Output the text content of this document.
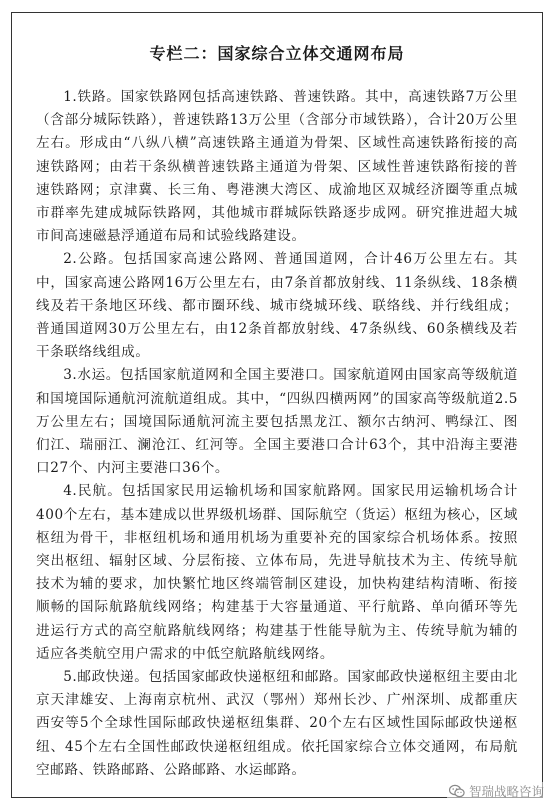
专栏二：国家综合立体交通网布局

1.铁路。国家铁路网包括高速铁路、普速铁路。其中，高速铁路7万公里（含部分城际铁路），普速铁路13万公里（含部分市域铁路），合计20万公里左右。形成由“八纵八横”高速铁路主通道为骨架、区域性高速铁路衔接的高速铁路网；由若干条纵横普速铁路主通道为骨架、区域性普速铁路衔接的普速铁路网；京津冀、长三角、粤港澳大湾区、成渝地区双城经济圈等重点城市群率先建成城际铁路网，其他城市群城际铁路逐步成网。研究推进超大城市间高速磁悬浮通道布局和试验线路建设。

2.公路。包括国家高速公路网、普通国道网，合计46万公里左右。其中，国家高速公路网16万公里左右，由7条首都放射线、11条纵线、18条横线及若干条地区环线、都市圈环线、城市绕城环线、联络线、并行线组成；普通国道网30万公里左右，由12条首都放射线、47条纵线、60条横线及若干条联络线组成。

3.水运。包括国家航道网和全国主要港口。国家航道网由国家高等级航道和国境国际通航河流航道组成。其中，“四纵四横两网”的国家高等级航道2.5万公里左右；国境国际通航河流主要包括黑龙江、额尔古纳河、鸭绿江、图们江、瑞丽江、澜沧江、红河等。全国主要港口合计63个，其中沿海主要港口27个、内河主要港口36个。

4.民航。包括国家民用运输机场和国家航路网。国家民用运输机场合计400个左右，基本建成以世界级机场群、国际航空（货运）枢纽为核心，区域枢纽为骨干，非枢纽机场和通用机场为重要补充的国家综合机场体系。按照突出枢纽、辐射区域、分层衔接、立体布局，先进导航技术为主、传统导航技术为辅的要求，加快繁忙地区终端管制区建设，加快构建结构清晰、衔接顺畅的国际航路航线网络；构建基于大容量通道、平行航路、单向循环等先进运行方式的高空航路航线网络；构建基于性能导航为主、传统导航为辅的适应各类航空用户需求的中低空航路航线网络。

5.邮政快递。包括国家邮政快递枢纽和邮路。国家邮政快递枢纽主要由北京天津雄安、上海南京杭州、武汉（鄂州）郑州长沙、广州深圳、成都重庆西安等5个全球性国际邮政快递枢纽集群、20个左右区域性国际邮政快递枢纽、45个左右全国性邮政快递枢纽组成。依托国家综合立体交通网，布局航空邮路、铁路邮路、公路邮路、水运邮路。

智瑞战略咨询
